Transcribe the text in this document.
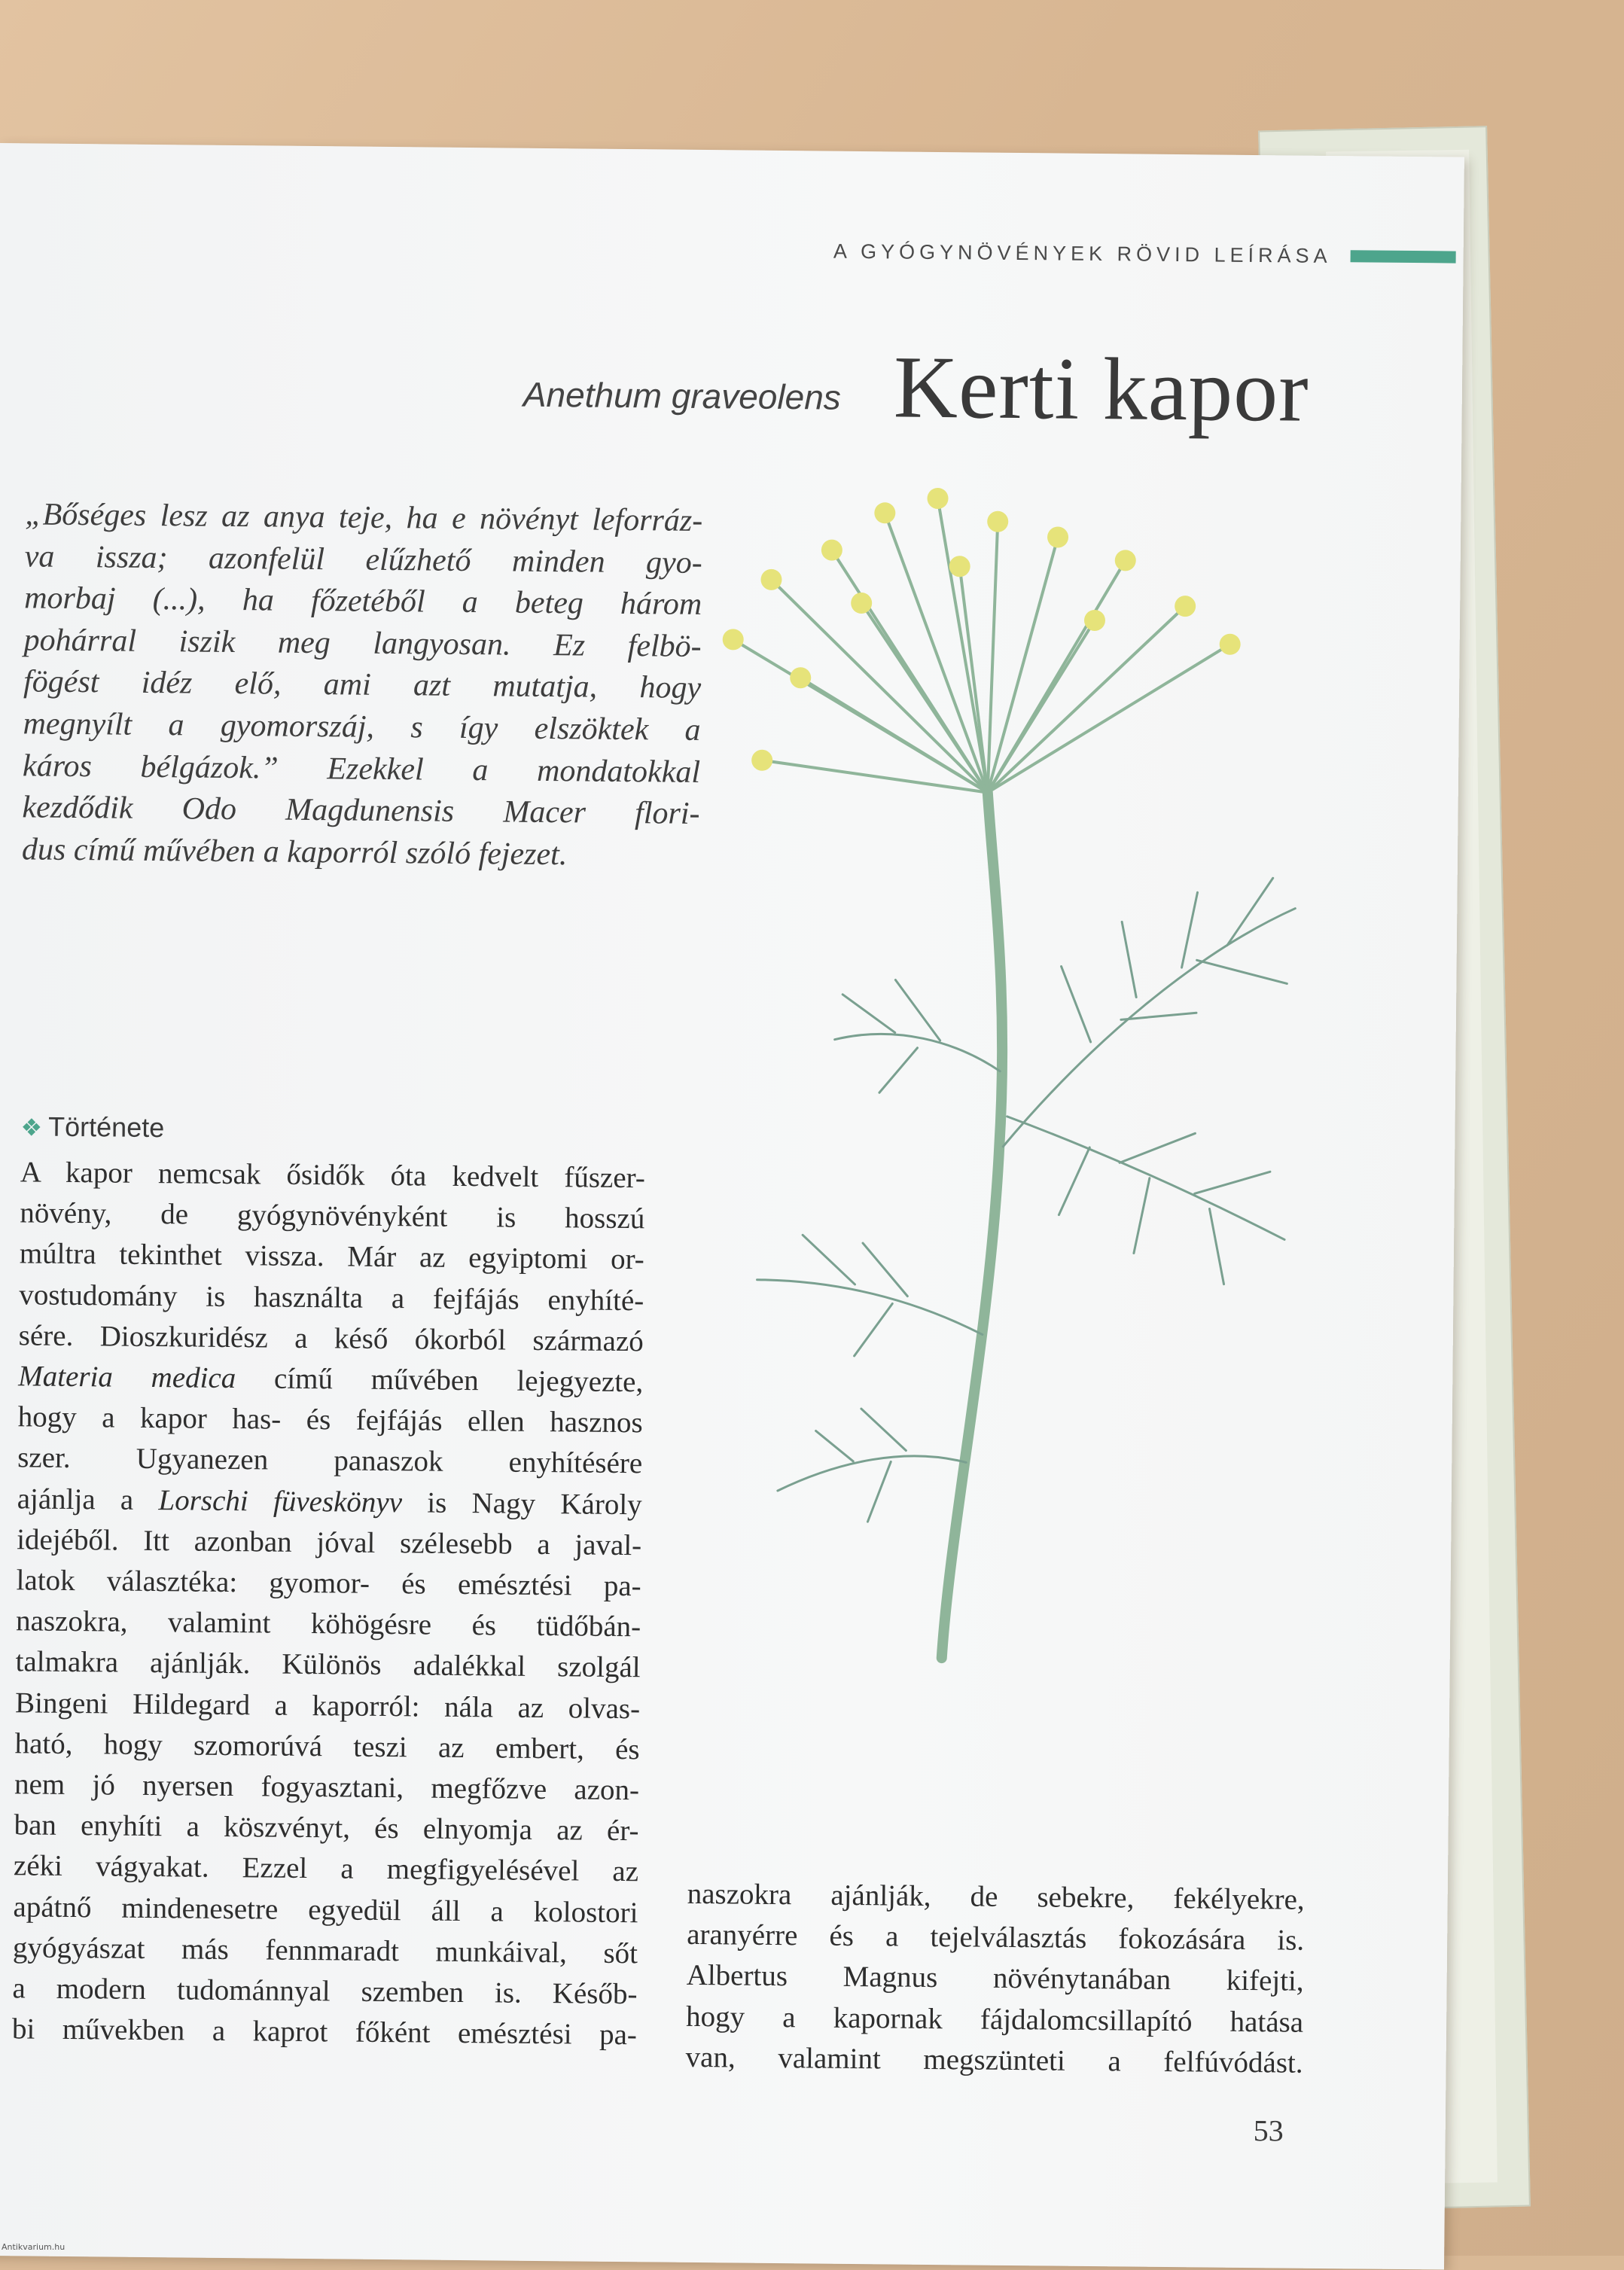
A GYÓGYNÖVÉNYEK RÖVID LEÍRÁSA
Anethum graveolens Kerti kapor
„Bőséges lesz az anya teje, ha e növényt leforráz-
va issza; azonfelül elűzhető minden gyo-
morbaj (...), ha főzetéből a beteg három
pohárral iszik meg langyosan. Ez felbö-
fögést idéz elő, ami azt mutatja, hogy
megnyílt a gyomorszáj, s így elszöktek a
káros bélgázok.” Ezekkel a mondatokkal
kezdődik Odo Magdunensis Macer flori-
dus című művében a kaporról szóló fejezet.
❖ Története
A kapor nemcsak ősidők óta kedvelt fűszer-
növény, de gyógynövényként is hosszú
múltra tekinthet vissza. Már az egyiptomi or-
vostudomány is használta a fejfájás enyhíté-
sére. Dioszkuridész a késő ókorból származó
Materia medica című művében lejegyezte,
hogy a kapor has- és fejfájás ellen hasznos
szer. Ugyanezen panaszok enyhítésére
ajánlja a Lorschi füveskönyv is Nagy Károly
idejéből. Itt azonban jóval szélesebb a javal-
latok választéka: gyomor- és emésztési pa-
naszokra, valamint köhögésre és tüdőbán-
talmakra ajánlják. Különös adalékkal szolgál
Bingeni Hildegard a kaporról: nála az olvas-
ható, hogy szomorúvá teszi az embert, és
nem jó nyersen fogyasztani, megfőzve azon-
ban enyhíti a köszvényt, és elnyomja az ér-
zéki vágyakat. Ezzel a megfigyelésével az
apátnő mindenesetre egyedül áll a kolostori
gyógyászat más fennmaradt munkáival, sőt
a modern tudománnyal szemben is. Későb-
bi művekben a kaprot főként emésztési pa-
naszokra ajánlják, de sebekre, fekélyekre,
aranyérre és a tejelválasztás fokozására is.
Albertus Magnus növénytanában kifejti,
hogy a kapornak fájdalomcsillapító hatása
van, valamint megszünteti a felfúvódást.
53
Antikvarium.hu
